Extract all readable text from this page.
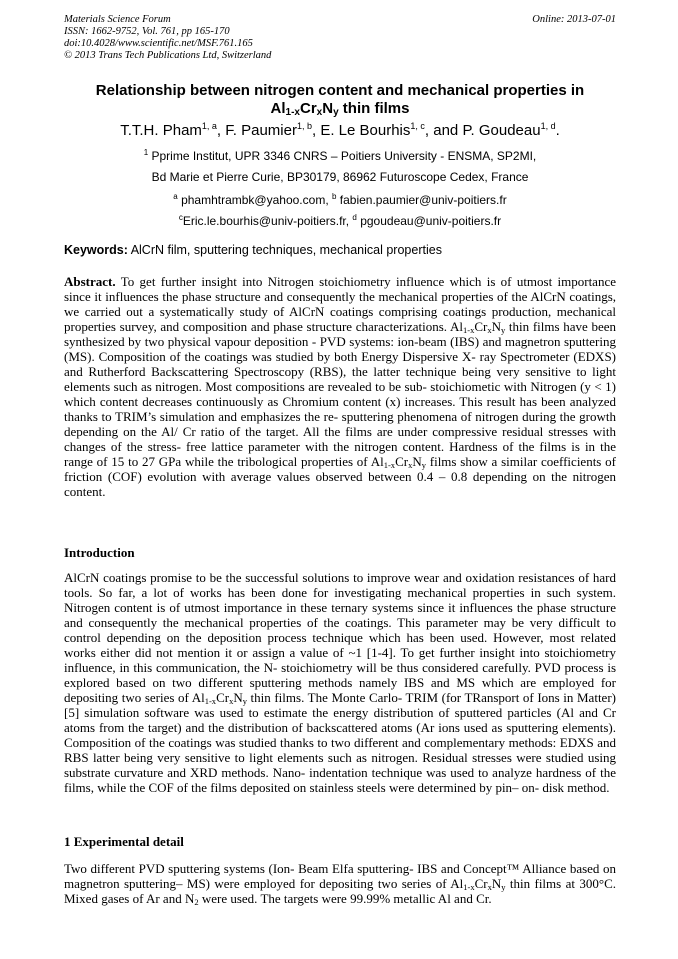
Materials Science Forum
ISSN: 1662-9752, Vol. 761, pp 165-170
doi:10.4028/www.scientific.net/MSF.761.165
© 2013 Trans Tech Publications Ltd, Switzerland
Online: 2013-07-01
Relationship between nitrogen content and mechanical properties in
$Al_{1-x}Cr_xN_y$ thin films
T.T.H. Pham$^{1, a}$, F. Paumier$^{1, b}$, E. Le Bourhis$^{1, c}$, and P. Goudeau$^{1, d}$.
$^1$ Pprime Institut, UPR 3346 CNRS – Poitiers University - ENSMA, SP2MI,
Bd Marie et Pierre Curie, BP30179, 86962 Futuroscope Cedex, France
$^a$ phamhtrambk@yahoo.com, $^b$ fabien.paumier@univ-poitiers.fr
$^c$Eric.le.bourhis@univ-poitiers.fr, $^d$ pgoudeau@univ-poitiers.fr
Keywords: AlCrN film, sputtering techniques, mechanical properties
Abstract. To get further insight into Nitrogen stoichiometry influence which is of utmost importance since it influences the phase structure and consequently the mechanical properties of the AlCrN coatings, we carried out a systematically study of AlCrN coatings comprising coatings production, mechanical properties survey, and composition and phase structure characterizations. $Al_{1-x}Cr_xN_y$ thin films have been synthesized by two physical vapour deposition - PVD systems: ion-beam (IBS) and magnetron sputtering (MS). Composition of the coatings was studied by both Energy Dispersive X- ray Spectrometer (EDXS) and Rutherford Backscattering Spectroscopy (RBS), the latter technique being very sensitive to light elements such as nitrogen. Most compositions are revealed to be sub- stoichiometic with Nitrogen (y < 1) which content decreases continuously as Chromium content (x) increases. This result has been analyzed thanks to TRIM’s simulation and emphasizes the re- sputtering phenomena of nitrogen during the growth depending on the Al/ Cr ratio of the target. All the films are under compressive residual stresses with changes of the stress- free lattice parameter with the nitrogen content. Hardness of the films is in the range of 15 to 27 GPa while the tribological properties of $Al_{1-x}Cr_xN_y$ films show a similar coefficients of friction (COF) evolution with average values observed between 0.4 – 0.8 depending on the nitrogen content.
Introduction
AlCrN coatings promise to be the successful solutions to improve wear and oxidation resistances of hard tools. So far, a lot of works has been done for investigating mechanical properties in such system. Nitrogen content is of utmost importance in these ternary systems since it influences the phase structure and consequently the mechanical properties of the coatings. This parameter may be very difficult to control depending on the deposition process technique which has been used. However, most related works either did not mention it or assign a value of ~1 [1-4]. To get further insight into stoichiometry influence, in this communication, the N- stoichiometry will be thus considered carefully. PVD process is explored based on two different sputtering methods namely IBS and MS which are employed for depositing two series of $Al_{1-x}Cr_xN_y$ thin films. The Monte Carlo- TRIM (for TRansport of Ions in Matter) [5] simulation software was used to estimate the energy distribution of sputtered particles (Al and Cr atoms from the target) and the distribution of backscattered atoms (Ar ions used as sputtering elements). Composition of the coatings was studied thanks to two different and complementary methods: EDXS and RBS latter being very sensitive to light elements such as nitrogen. Residual stresses were studied using substrate curvature and XRD methods. Nano- indentation technique was used to analyze hardness of the films, while the COF of the films deposited on stainless steels were determined by pin– on- disk method.
1 Experimental detail
Two different PVD sputtering systems (Ion- Beam Elfa sputtering- IBS and Concept™ Alliance based on magnetron sputtering– MS) were employed for depositing two series of $Al_{1-x}Cr_xN_y$ thin films at 300°C. Mixed gases of Ar and $N_2$ were used. The targets were 99.99% metallic Al and Cr.
